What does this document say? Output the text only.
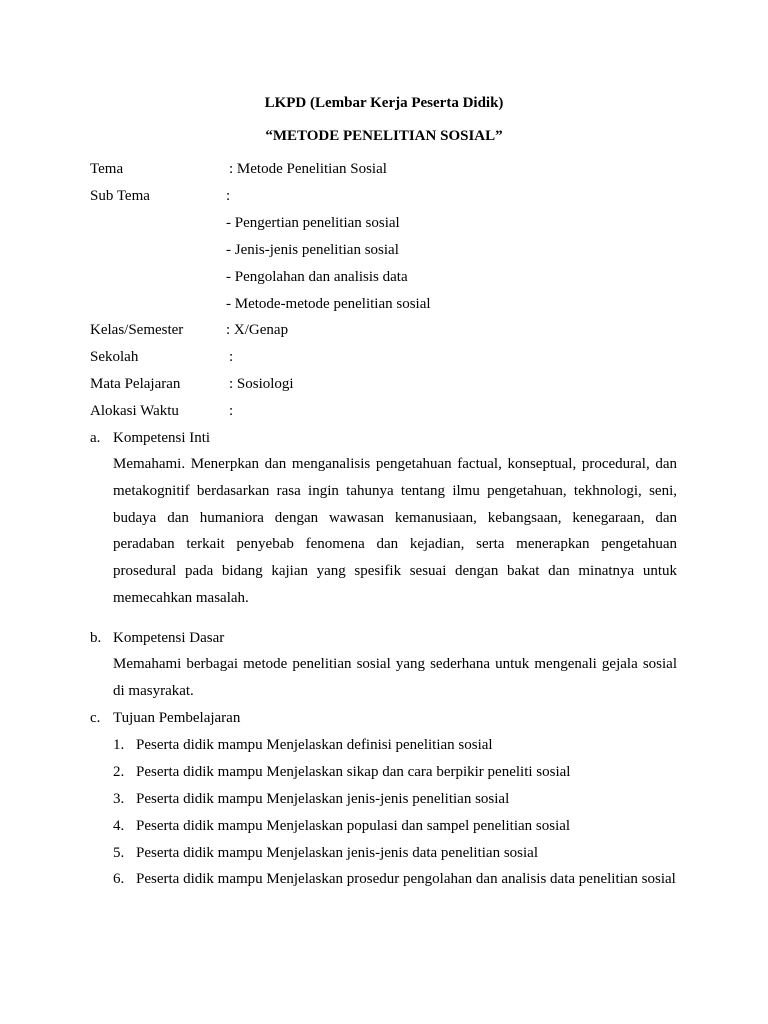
LKPD (Lembar Kerja Peserta Didik)
“METODE PENELITIAN SOSIAL”
Tema	: Metode Penelitian Sosial
Sub Tema	:
- Pengertian penelitian sosial
- Jenis-jenis penelitian sosial
- Pengolahan dan analisis data
- Metode-metode penelitian sosial
Kelas/Semester	: X/Genap
Sekolah	:
Mata Pelajaran	: Sosiologi
Alokasi Waktu	:
a. Kompetensi Inti
Memahami. Menerpkan dan menganalisis pengetahuan factual, konseptual, procedural, dan
metakognitif berdasarkan rasa ingin tahunya tentang ilmu pengetahuan, tekhnologi, seni,
budaya dan humaniora dengan wawasan kemanusiaan, kebangsaan, kenegaraan, dan
peradaban terkait penyebab fenomena dan kejadian, serta menerapkan pengetahuan
prosedural pada bidang kajian yang spesifik sesuai dengan bakat dan minatnya untuk
memecahkan masalah.
b. Kompetensi Dasar
Memahami berbagai metode penelitian sosial yang sederhana untuk mengenali gejala sosial
di masyrakat.
c. Tujuan Pembelajaran
1. Peserta didik mampu Menjelaskan definisi penelitian sosial
2. Peserta didik mampu Menjelaskan sikap dan cara berpikir peneliti sosial
3. Peserta didik mampu Menjelaskan jenis-jenis penelitian sosial
4. Peserta didik mampu Menjelaskan populasi dan sampel penelitian sosial
5. Peserta didik mampu Menjelaskan jenis-jenis data penelitian sosial
6. Peserta didik mampu Menjelaskan prosedur pengolahan dan analisis data penelitian sosial
